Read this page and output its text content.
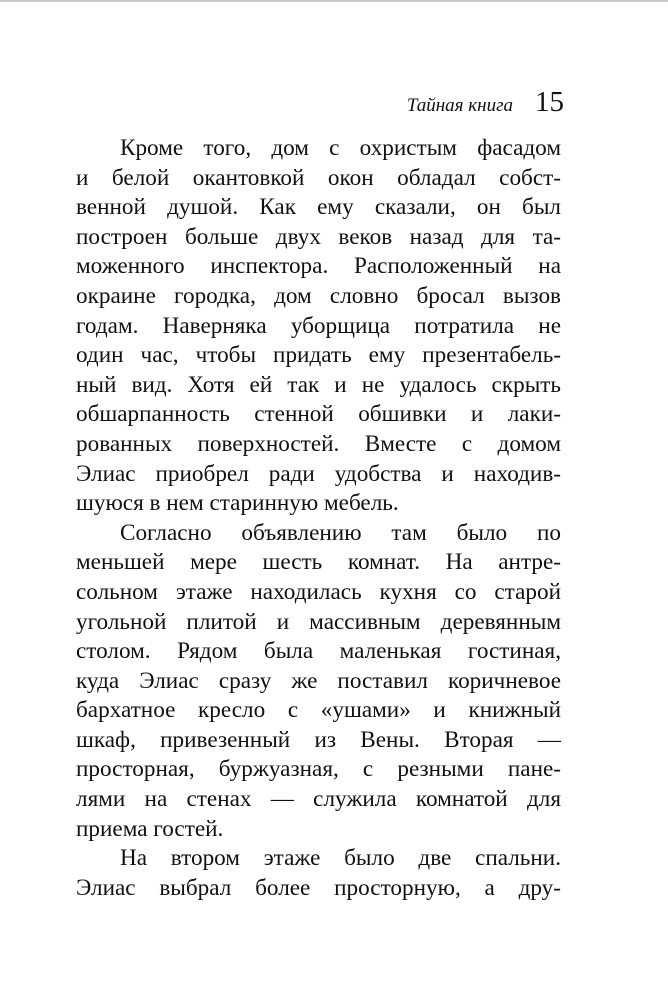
Тайная книга 15
Кроме того, дом с охристым фасадом
и белой окантовкой окон обладал собст-
венной душой. Как ему сказали, он был
построен больше двух веков назад для та-
моженного инспектора. Расположенный на
окраине городка, дом словно бросал вызов
годам. Наверняка уборщица потратила не
один час, чтобы придать ему презентабель-
ный вид. Хотя ей так и не удалось скрыть
обшарпанность стенной обшивки и лаки-
рованных поверхностей. Вместе с домом
Элиас приобрел ради удобства и находив-
шуюся в нем старинную мебель.
Согласно объявлению там было по
меньшей мере шесть комнат. На антре-
сольном этаже находилась кухня со старой
угольной плитой и массивным деревянным
столом. Рядом была маленькая гостиная,
куда Элиас сразу же поставил коричневое
бархатное кресло с «ушами» и книжный
шкаф, привезенный из Вены. Вторая —
просторная, буржуазная, с резными пане-
лями на стенах — служила комнатой для
приема гостей.
На втором этаже было две спальни.
Элиас выбрал более просторную, а дру-
